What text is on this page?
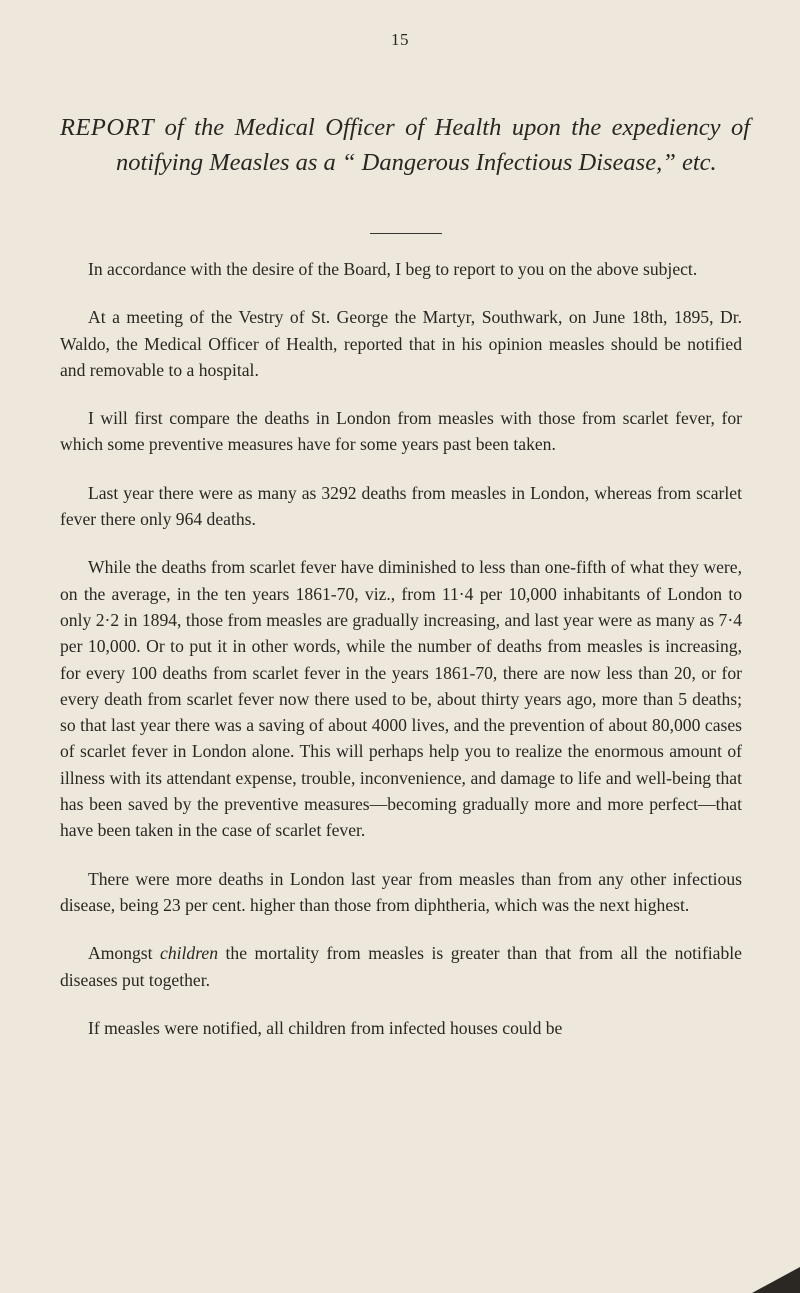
15
REPORT of the Medical Officer of Health upon the expediency of notifying Measles as a “ Dangerous Infectious Disease,” etc.

In accordance with the desire of the Board, I beg to report to you on the above subject.

At a meeting of the Vestry of St. George the Martyr, Southwark, on June 18th, 1895, Dr. Waldo, the Medical Officer of Health, reported that in his opinion measles should be notified and removable to a hospital.

I will first compare the deaths in London from measles with those from scarlet fever, for which some preventive measures have for some years past been taken.

Last year there were as many as 3292 deaths from measles in London, whereas from scarlet fever there only 964 deaths.

While the deaths from scarlet fever have diminished to less than one-fifth of what they were, on the average, in the ten years 1861-70, viz., from 11·4 per 10,000 inhabitants of London to only 2·2 in 1894, those from measles are gradually increasing, and last year were as many as 7·4 per 10,000. Or to put it in other words, while the number of deaths from measles is increasing, for every 100 deaths from scarlet fever in the years 1861-70, there are now less than 20, or for every death from scarlet fever now there used to be, about thirty years ago, more than 5 deaths; so that last year there was a saving of about 4000 lives, and the prevention of about 80,000 cases of scarlet fever in London alone. This will perhaps help you to realize the enormous amount of illness with its attendant expense, trouble, inconvenience, and damage to life and well-being that has been saved by the preventive measures—becoming gradually more and more perfect—that have been taken in the case of scarlet fever.

There were more deaths in London last year from measles than from any other infectious disease, being 23 per cent. higher than those from diphtheria, which was the next highest.

Amongst children the mortality from measles is greater than that from all the notifiable diseases put together.

If measles were notified, all children from infected houses could be
